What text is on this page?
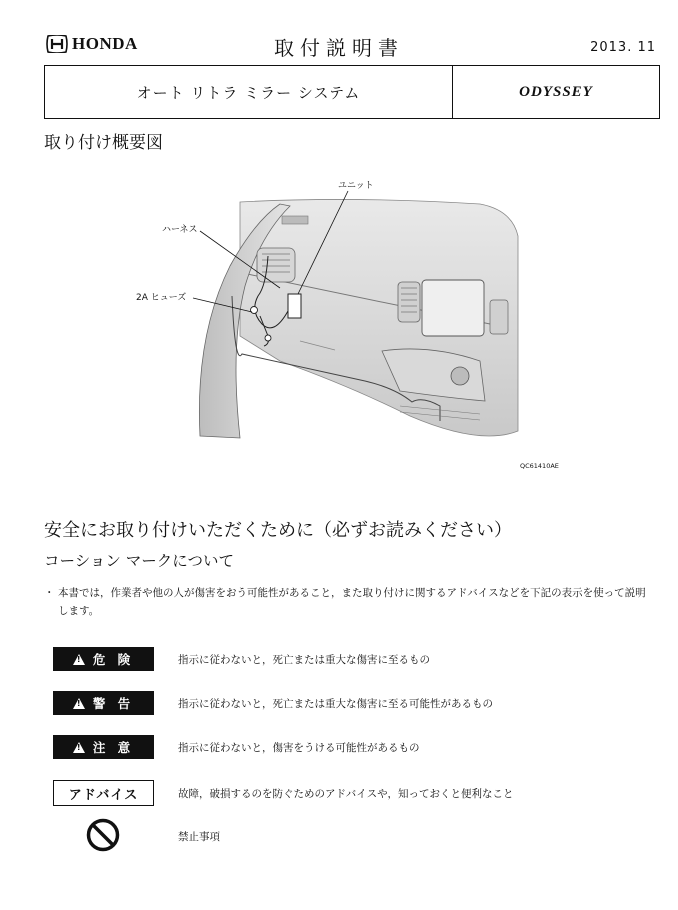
HONDA	取付説明書	2013. 11
オート リトラ ミラー システム	ODYSSEY
取り付け概要図
ユニット
ハーネス
2A ヒューズ
QC61410AE
安全にお取り付けいただくために（必ずお読みください）
コーション マークについて
・ 本書では，作業者や他の人が傷害をおう可能性があること，また取り付けに関するアドバイスなどを下記の表示を使って説明します。
!
危 険	指示に従わないと，死亡または重大な傷害に至るもの
!
警 告	指示に従わないと，死亡または重大な傷害に至る可能性があるもの
!
注 意	指示に従わないと，傷害をうける可能性があるもの
アドバイス	故障，破損するのを防ぐためのアドバイスや，知っておくと便利なこと
禁止事項
